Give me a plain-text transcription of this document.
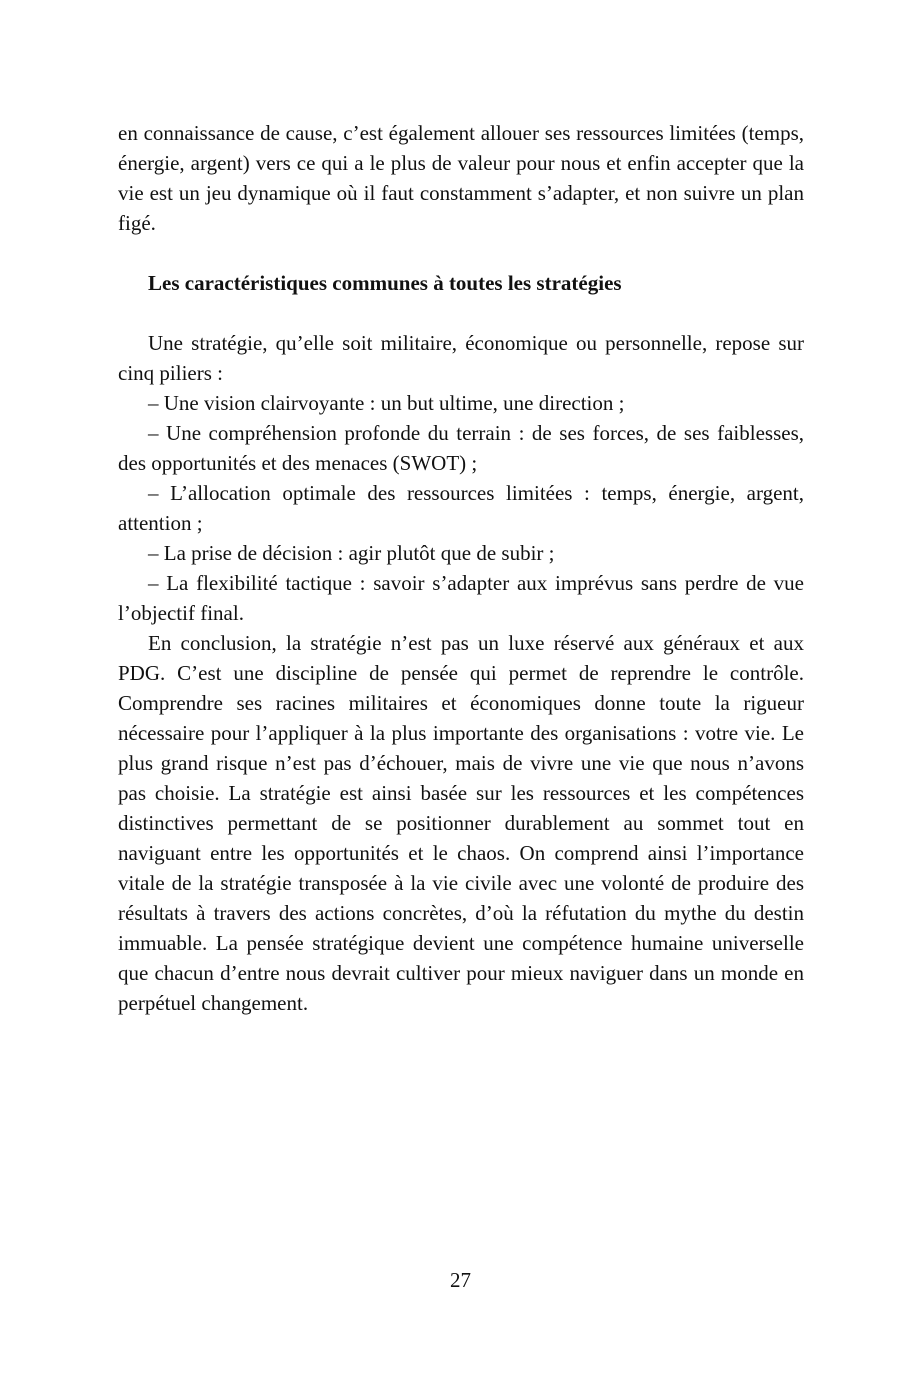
en connaissance de cause, c’est également allouer ses ressources limitées (temps, énergie, argent) vers ce qui a le plus de valeur pour nous et enfin accepter que la vie est un jeu dynamique où il faut constamment s’adapter, et non suivre un plan figé.

Les caractéristiques communes à toutes les stratégies

Une stratégie, qu’elle soit militaire, économique ou personnelle, repose sur cinq piliers :

– Une vision clairvoyante : un but ultime, une direction ;

– Une compréhension profonde du terrain : de ses forces, de ses faiblesses, des opportunités et des menaces (SWOT) ;

– L’allocation optimale des ressources limitées : temps, énergie, argent, attention ;

– La prise de décision : agir plutôt que de subir ;

– La flexibilité tactique : savoir s’adapter aux imprévus sans perdre de vue l’objectif final.

En conclusion, la stratégie n’est pas un luxe réservé aux généraux et aux PDG. C’est une discipline de pensée qui permet de reprendre le contrôle. Comprendre ses racines militaires et économiques donne toute la rigueur nécessaire pour l’appliquer à la plus importante des organisations : votre vie. Le plus grand risque n’est pas d’échouer, mais de vivre une vie que nous n’avons pas choisie. La stratégie est ainsi basée sur les ressources et les compétences distinctives permettant de se positionner durablement au sommet tout en naviguant entre les opportunités et le chaos. On comprend ainsi l’importance vitale de la stratégie transposée à la vie civile avec une volonté de produire des résultats à travers des actions concrètes, d’où la réfutation du mythe du destin immuable. La pensée stratégique devient une compétence humaine universelle que chacun d’entre nous devrait cultiver pour mieux naviguer dans un monde en perpétuel changement.

27
